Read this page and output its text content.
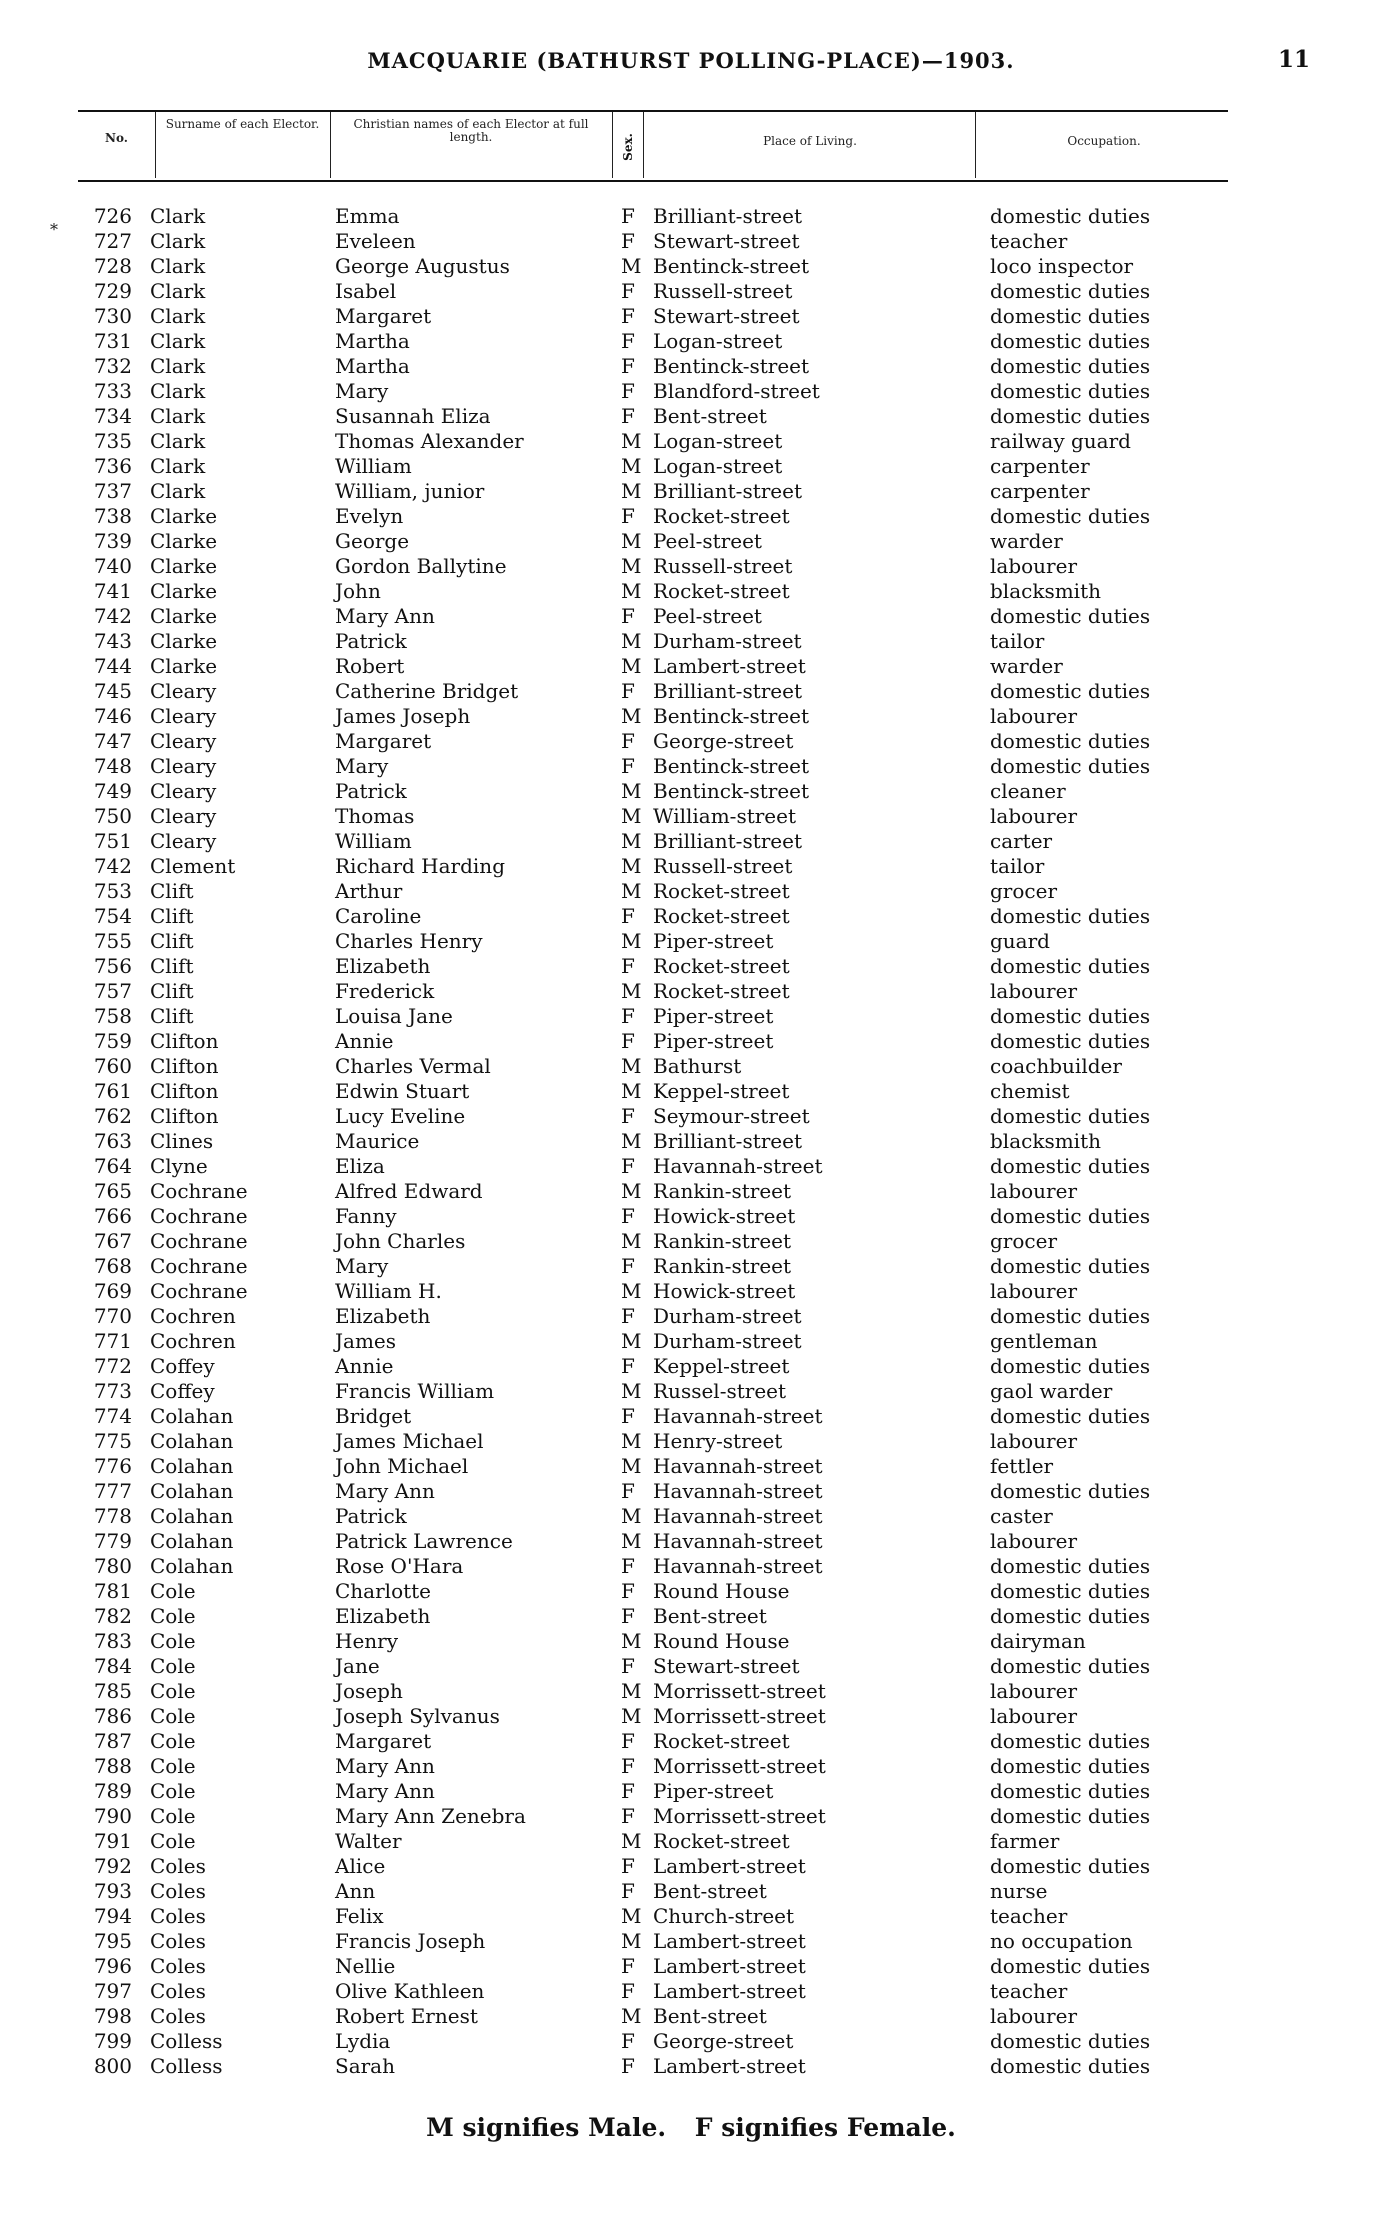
MACQUARIE (BATHURST POLLING-PLACE)—1903.	11
No.
Surname of each Elector.	Christian names of each Elector at full length.	Sex.	Place of Living.	Occupation.
726 Clark	Emma	F Brilliant-street	domestic duties
727 Clark	Eveleen	F Stewart-street	teacher
728 Clark	George Augustus	M Bentinck-street	loco inspector
729 Clark	Isabel	F Russell-street	domestic duties
730 Clark	Margaret	F Stewart-street	domestic duties
731 Clark	Martha	F Logan-street	domestic duties
732 Clark	Martha	F Bentinck-street	domestic duties
733 Clark	Mary	F Blandford-street	domestic duties
734 Clark	Susannah Eliza	F Bent-street	domestic duties
735 Clark	Thomas Alexander	M Logan-street	railway guard
736 Clark	William	M Logan-street	carpenter
737 Clark	William, junior	M Brilliant-street	carpenter
738 Clarke	Evelyn	F Rocket-street	domestic duties
739 Clarke	George	M Peel-street	warder
740 Clarke	Gordon Ballytine	M Russell-street	labourer
741 Clarke	John	M Rocket-street	blacksmith
742 Clarke	Mary Ann	F Peel-street	domestic duties
743 Clarke	Patrick	M Durham-street	tailor
744 Clarke	Robert	M Lambert-street	warder
745 Cleary	Catherine Bridget	F Brilliant-street	domestic duties
746 Cleary	James Joseph	M Bentinck-street	labourer
747 Cleary	Margaret	F George-street	domestic duties
748 Cleary	Mary	F Bentinck-street	domestic duties
749 Cleary	Patrick	M Bentinck-street	cleaner
750 Cleary	Thomas	M William-street	labourer
751 Cleary	William	M Brilliant-street	carter
742 Clement	Richard Harding	M Russell-street	tailor
753 Clift	Arthur	M Rocket-street	grocer
754 Clift	Caroline	F Rocket-street	domestic duties
755 Clift	Charles Henry	M Piper-street	guard
756 Clift	Elizabeth	F Rocket-street	domestic duties
757 Clift	Frederick	M Rocket-street	labourer
758 Clift	Louisa Jane	F Piper-street	domestic duties
759 Clifton	Annie	F Piper-street	domestic duties
760 Clifton	Charles Vermal	M Bathurst	coachbuilder
761 Clifton	Edwin Stuart	M Keppel-street	chemist
762 Clifton	Lucy Eveline	F Seymour-street	domestic duties
763 Clines	Maurice	M Brilliant-street	blacksmith
764 Clyne	Eliza	F Havannah-street	domestic duties
765 Cochrane	Alfred Edward	M Rankin-street	labourer
766 Cochrane	Fanny	F Howick-street	domestic duties
767 Cochrane	John Charles	M Rankin-street	grocer
768 Cochrane	Mary	F Rankin-street	domestic duties
769 Cochrane	William H.	M Howick-street	labourer
770 Cochren	Elizabeth	F Durham-street	domestic duties
771 Cochren	James	M Durham-street	gentleman
772 Coffey	Annie	F Keppel-street	domestic duties
773 Coffey	Francis William	M Russel-street	gaol warder
774 Colahan	Bridget	F Havannah-street	domestic duties
775 Colahan	James Michael	M Henry-street	labourer
776 Colahan	John Michael	M Havannah-street	fettler
777 Colahan	Mary Ann	F Havannah-street	domestic duties
778 Colahan	Patrick	M Havannah-street	caster
779 Colahan	Patrick Lawrence	M Havannah-street	labourer
780 Colahan	Rose O'Hara	F Havannah-street	domestic duties
781 Cole	Charlotte	F Round House	domestic duties
782 Cole	Elizabeth	F Bent-street	domestic duties
783 Cole	Henry	M Round House	dairyman
784 Cole	Jane	F Stewart-street	domestic duties
785 Cole	Joseph	M Morrissett-street	labourer
786 Cole	Joseph Sylvanus	M Morrissett-street	labourer
787 Cole	Margaret	F Rocket-street	domestic duties
788 Cole	Mary Ann	F Morrissett-street	domestic duties
789 Cole	Mary Ann	F Piper-street	domestic duties
790 Cole	Mary Ann Zenebra	F Morrissett-street	domestic duties
791 Cole	Walter	M Rocket-street	farmer
792 Coles	Alice	F Lambert-street	domestic duties
793 Coles	Ann	F Bent-street	nurse
794 Coles	Felix	M Church-street	teacher
795 Coles	Francis Joseph	M Lambert-street	no occupation
796 Coles	Nellie	F Lambert-street	domestic duties
797 Coles	Olive Kathleen	F Lambert-street	teacher
798 Coles	Robert Ernest	M Bent-street	labourer
799 Colless	Lydia	F George-street	domestic duties
800 Colless	Sarah	F Lambert-street	domestic duties
*
M signifies Male. F signifies Female.
